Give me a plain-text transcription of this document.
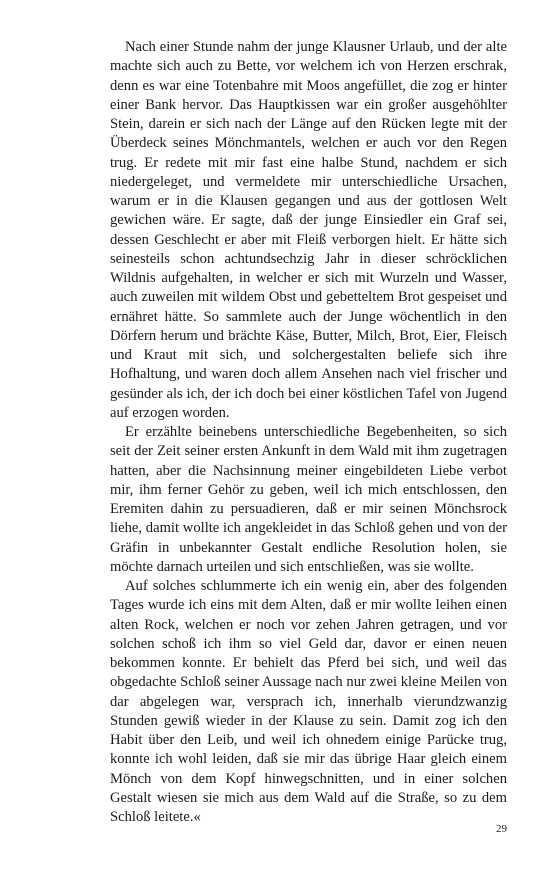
Nach einer Stunde nahm der junge Klausner Urlaub, und der alte machte sich auch zu Bette, vor welchem ich von Herzen erschrak, denn es war eine Totenbahre mit Moos angefüllet, die zog er hinter einer Bank hervor. Das Hauptkissen war ein großer ausgehöhlter Stein, darein er sich nach der Länge auf den Rücken legte mit der Überdeck seines Mönchmantels, welchen er auch vor den Regen trug. Er redete mit mir fast eine halbe Stund, nachdem er sich niedergeleget, und vermeldete mir unterschiedliche Ursachen, warum er in die Klausen gegangen und aus der gottlosen Welt gewichen wäre. Er sagte, daß der junge Einsiedler ein Graf sei, dessen Geschlecht er aber mit Fleiß verborgen hielt. Er hätte sich seinesteils schon achtundsechzig Jahr in dieser schröcklichen Wildnis aufgehalten, in welcher er sich mit Wurzeln und Wasser, auch zuweilen mit wildem Obst und gebetteltem Brot gespeiset und ernähret hätte. So sammlete auch der Junge wöchentlich in den Dörfern herum und brächte Käse, Butter, Milch, Brot, Eier, Fleisch und Kraut mit sich, und solchergestalten beliefe sich ihre Hofhaltung, und waren doch allem Ansehen nach viel frischer und gesünder als ich, der ich doch bei einer köstlichen Tafel von Jugend auf erzogen worden.

Er erzählte beinebens unterschiedliche Begebenheiten, so sich seit der Zeit seiner ersten Ankunft in dem Wald mit ihm zugetragen hatten, aber die Nachsinnung meiner eingebildeten Liebe verbot mir, ihm ferner Gehör zu geben, weil ich mich entschlossen, den Eremiten dahin zu persuadieren, daß er mir seinen Mönchsrock liehe, damit wollte ich angekleidet in das Schloß gehen und von der Gräfin in unbekannter Gestalt endliche Resolution holen, sie möchte darnach urteilen und sich entschließen, was sie wollte.

Auf solches schlummerte ich ein wenig ein, aber des folgenden Tages wurde ich eins mit dem Alten, daß er mir wollte leihen einen alten Rock, welchen er noch vor zehen Jahren getragen, und vor solchen schoß ich ihm so viel Geld dar, davor er einen neuen bekommen konnte. Er behielt das Pferd bei sich, und weil das obgedachte Schloß seiner Aussage nach nur zwei kleine Meilen von dar abgelegen war, versprach ich, innerhalb vierundzwanzig Stunden gewiß wieder in der Klause zu sein. Damit zog ich den Habit über den Leib, und weil ich ohnedem einige Parücke trug, konnte ich wohl leiden, daß sie mir das übrige Haar gleich einem Mönch von dem Kopf hinwegschnitten, und in einer solchen Gestalt wiesen sie mich aus dem Wald auf die Straße, so zu dem Schloß leitete.«

29
